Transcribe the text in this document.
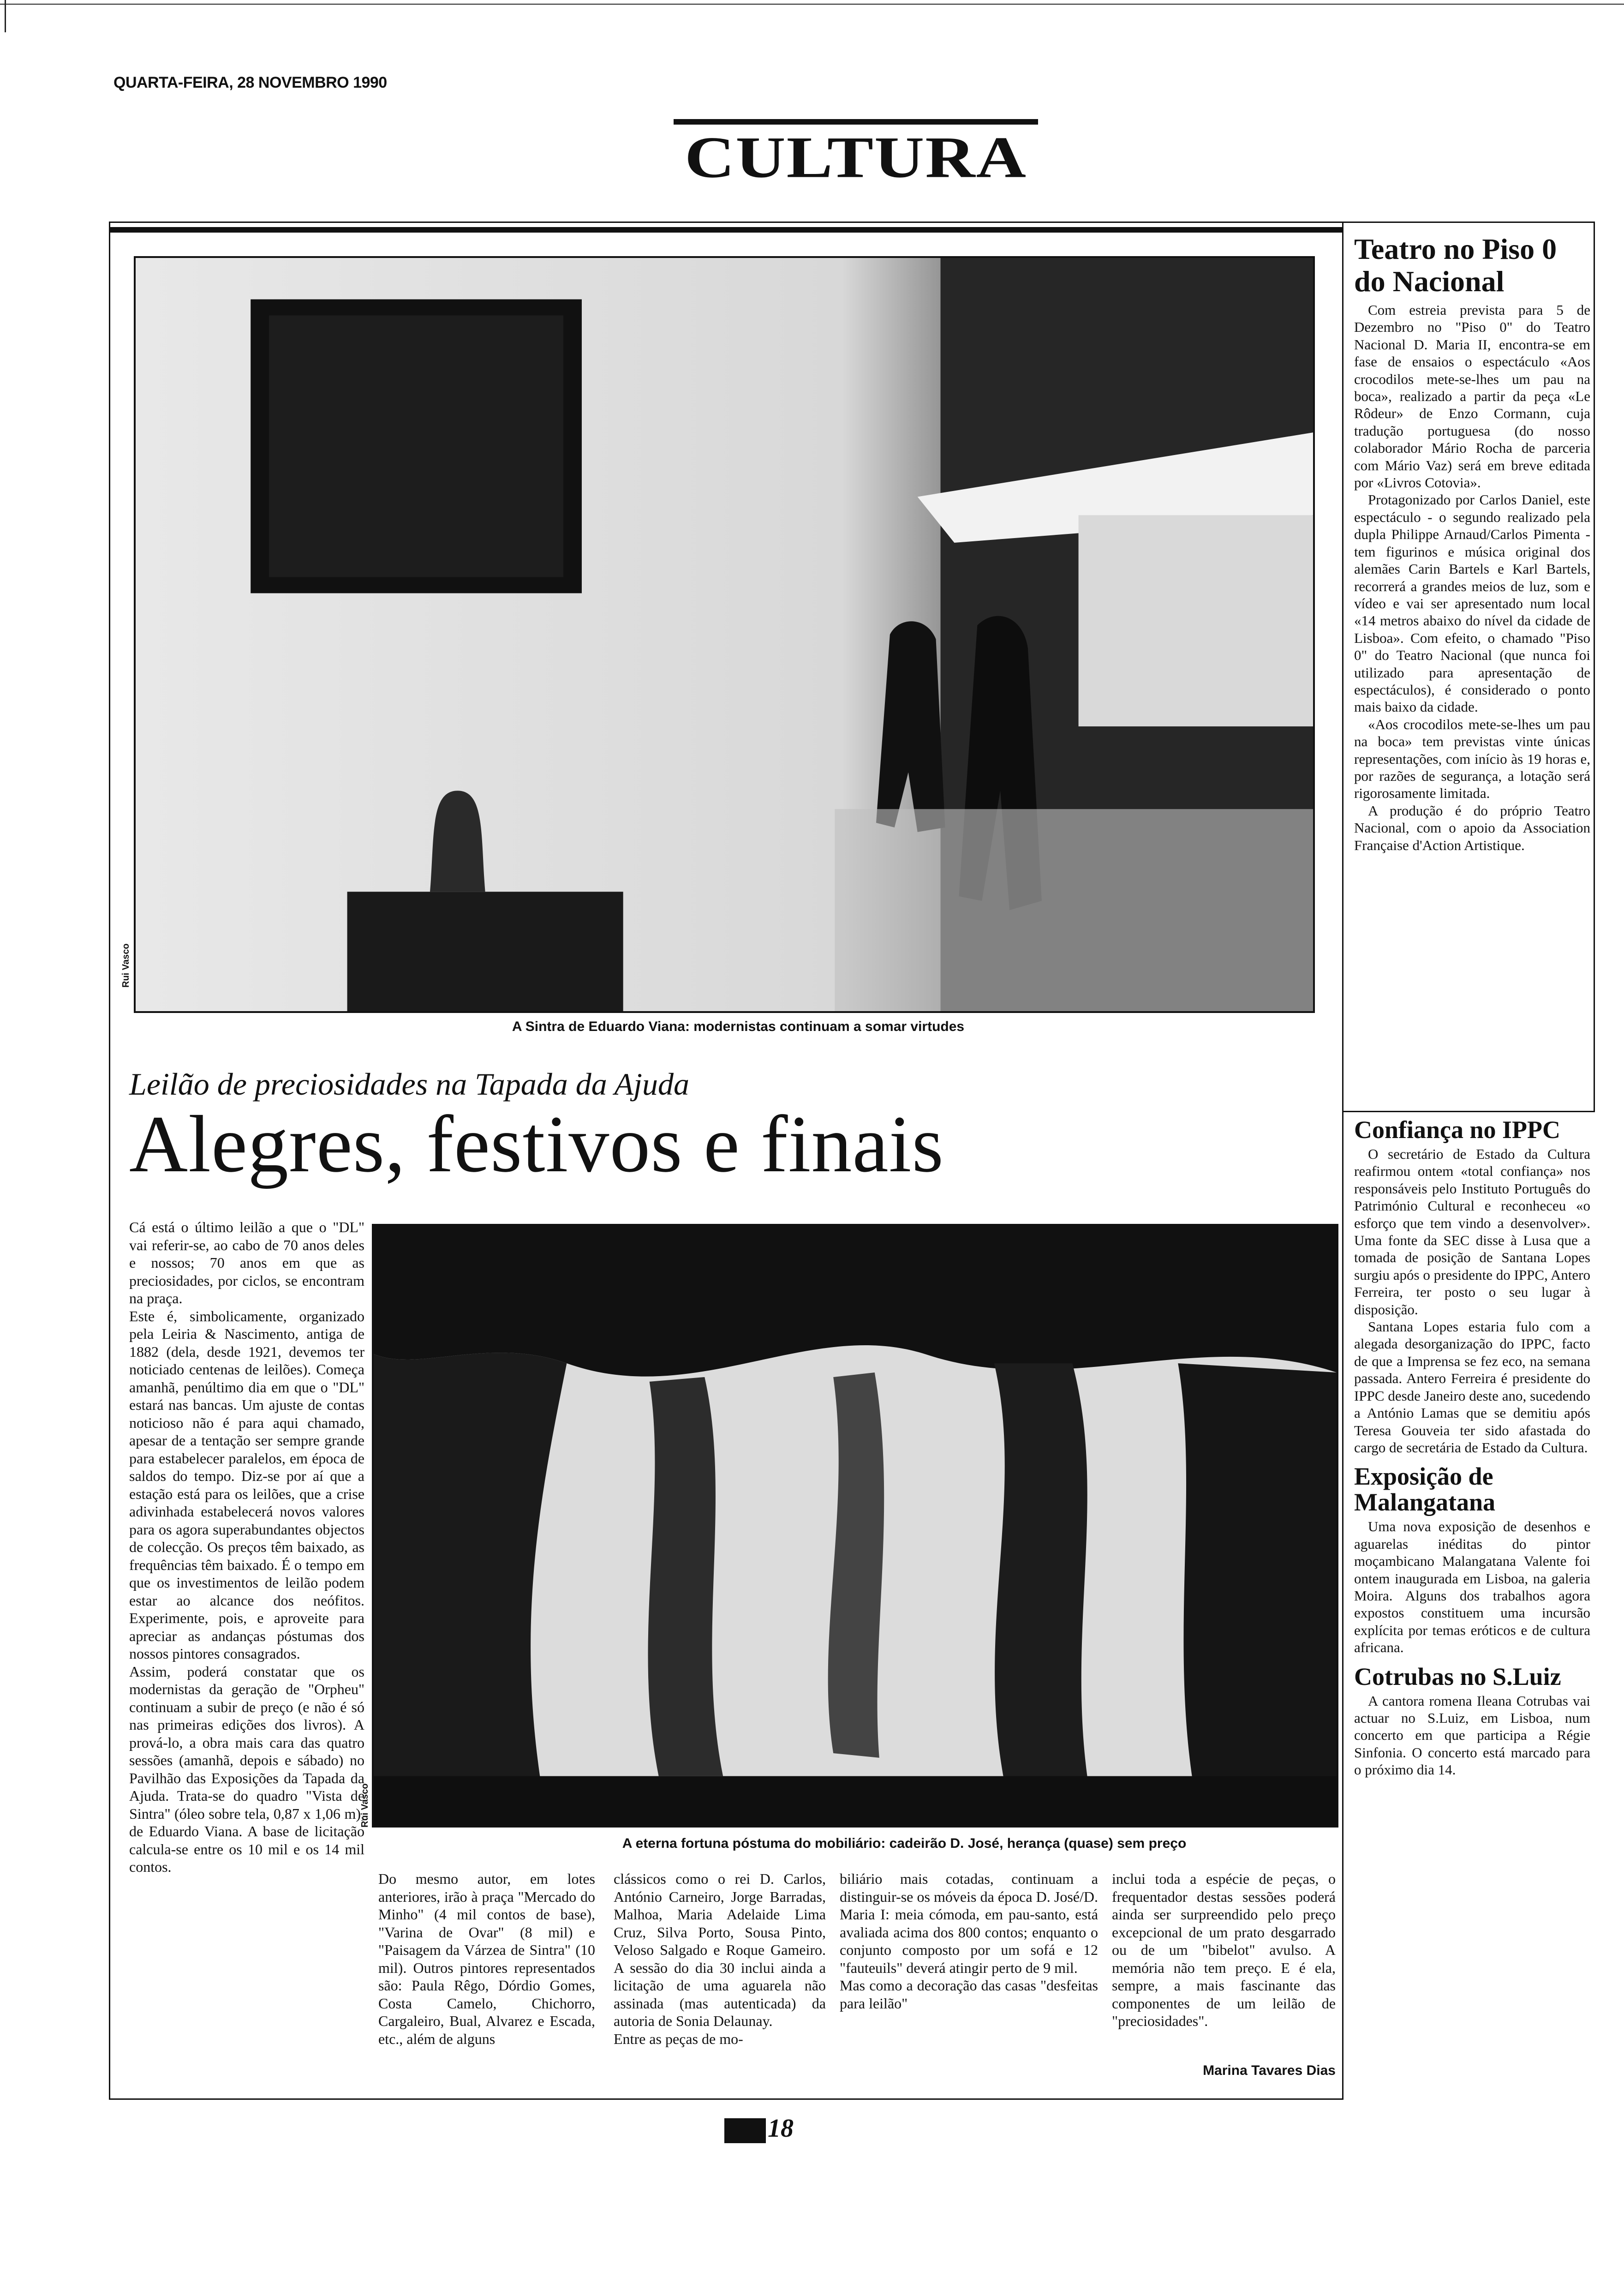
QUARTA-FEIRA, 28 NOVEMBRO 1990
CULTURA
Rui Vasco
A Sintra de Eduardo Viana: modernistas continuam a somar virtudes
Leilão de preciosidades na Tapada da Ajuda
Alegres, festivos e finais
Rui Vasco
A eterna fortuna póstuma do mobiliário: cadeirão D. José, herança (quase) sem preço
Cá está o último leilão a que o "DL" vai referir-se, ao cabo de 70 anos deles e nossos; 70 anos em que as preciosidades, por ciclos, se encontram na praça.
Este é, simbolicamente, organizado pela Leiria & Nascimento, antiga de 1882 (dela, desde 1921, devemos ter noticiado centenas de leilões). Começa amanhã, penúltimo dia em que o "DL" estará nas bancas. Um ajuste de contas noticioso não é para aqui chamado, apesar de a tentação ser sempre grande para estabelecer paralelos, em época de saldos do tempo. Diz-se por aí que a estação está para os leilões, que a crise adivinhada estabelecerá novos valores para os agora superabundantes objectos de colecção. Os preços têm baixado, as frequências têm baixado. É o tempo em que os investimentos de leilão podem estar ao alcance dos neófitos. Experimente, pois, e aproveite para apreciar as andanças póstumas dos nossos pintores consagrados.
Assim, poderá constatar que os modernistas da geração de "Orpheu" continuam a subir de preço (e não é só nas primeiras edições dos livros). A prová-lo, a obra mais cara das quatro sessões (amanhã, depois e sábado) no Pavilhão das Exposições da Tapada da Ajuda. Trata-se do quadro "Vista de Sintra" (óleo sobre tela, 0,87 x 1,06 m), de Eduardo Viana. A base de licitação calcula-se entre os 10 mil e os 14 mil contos.
Do mesmo autor, em lotes anteriores, irão à praça "Mercado do Minho" (4 mil contos de base), "Varina de Ovar" (8 mil) e "Paisagem da Várzea de Sintra" (10 mil). Outros pintores representados são: Paula Rêgo, Dórdio Gomes, Costa Camelo, Chichorro, Cargaleiro, Bual, Alvarez e Escada, etc., além de alguns
clássicos como o rei D. Carlos, António Carneiro, Jorge Barradas, Malhoa, Maria Adelaide Lima Cruz, Silva Porto, Sousa Pinto, Veloso Salgado e Roque Gameiro. A sessão do dia 30 inclui ainda a licitação de uma aguarela não assinada (mas autenticada) da autoria de Sonia Delaunay.
Entre as peças de mo-
biliário mais cotadas, continuam a distinguir-se os móveis da época D. José/D. Maria I: meia cómoda, em pau-santo, está avaliada acima dos 800 contos; enquanto o conjunto composto por um sofá e 12 "fauteuils" deverá atingir perto de 9 mil.
Mas como a decoração das casas "desfeitas para leilão"
inclui toda a espécie de peças, o frequentador destas sessões poderá ainda ser surpreendido pelo preço excepcional de um prato desgarrado ou de um "bibelot" avulso. A memória não tem preço. E é ela, sempre, a mais fascinante das componentes de um leilão de "preciosidades".
Marina Tavares Dias
Teatro no Piso 0 do Nacional

Com estreia prevista para 5 de Dezembro no "Piso 0" do Teatro Nacional D. Maria II, encontra-se em fase de ensaios o espectáculo «Aos crocodilos mete-se-lhes um pau na boca», realizado a partir da peça «Le Rôdeur» de Enzo Cormann, cuja tradução portuguesa (do nosso colaborador Mário Rocha de parceria com Mário Vaz) será em breve editada por «Livros Cotovia».

Protagonizado por Carlos Daniel, este espectáculo - o segundo realizado pela dupla Philippe Arnaud/Carlos Pimenta - tem figurinos e música original dos alemães Carin Bartels e Karl Bartels, recorrerá a grandes meios de luz, som e vídeo e vai ser apresentado num local «14 metros abaixo do nível da cidade de Lisboa». Com efeito, o chamado "Piso 0" do Teatro Nacional (que nunca foi utilizado para apresentação de espectáculos), é considerado o ponto mais baixo da cidade.

«Aos crocodilos mete-se-lhes um pau na boca» tem previstas vinte únicas representações, com início às 19 horas e, por razões de segurança, a lotação será rigorosamente limitada.

A produção é do próprio Teatro Nacional, com o apoio da Association Française d'Action Artistique.

Confiança no IPPC

O secretário de Estado da Cultura reafirmou ontem «total confiança» nos responsáveis pelo Instituto Português do Património Cultural e reconheceu «o esforço que tem vindo a desenvolver». Uma fonte da SEC disse à Lusa que a tomada de posição de Santana Lopes surgiu após o presidente do IPPC, Antero Ferreira, ter posto o seu lugar à disposição.

Santana Lopes estaria fulo com a alegada desorganização do IPPC, facto de que a Imprensa se fez eco, na semana passada. Antero Ferreira é presidente do IPPC desde Janeiro deste ano, sucedendo a António Lamas que se demitiu após Teresa Gouveia ter sido afastada do cargo de secretária de Estado da Cultura.

Exposição de Malangatana

Uma nova exposição de desenhos e aguarelas inéditas do pintor moçambicano Malangatana Valente foi ontem inaugurada em Lisboa, na galeria Moira. Alguns dos trabalhos agora expostos constituem uma incursão explícita por temas eróticos e de cultura africana.

Cotrubas no S.Luiz

A cantora romena Ileana Cotrubas vai actuar no S.Luiz, em Lisboa, num concerto em que participa a Régie Sinfonia. O concerto está marcado para o próximo dia 14.

18
